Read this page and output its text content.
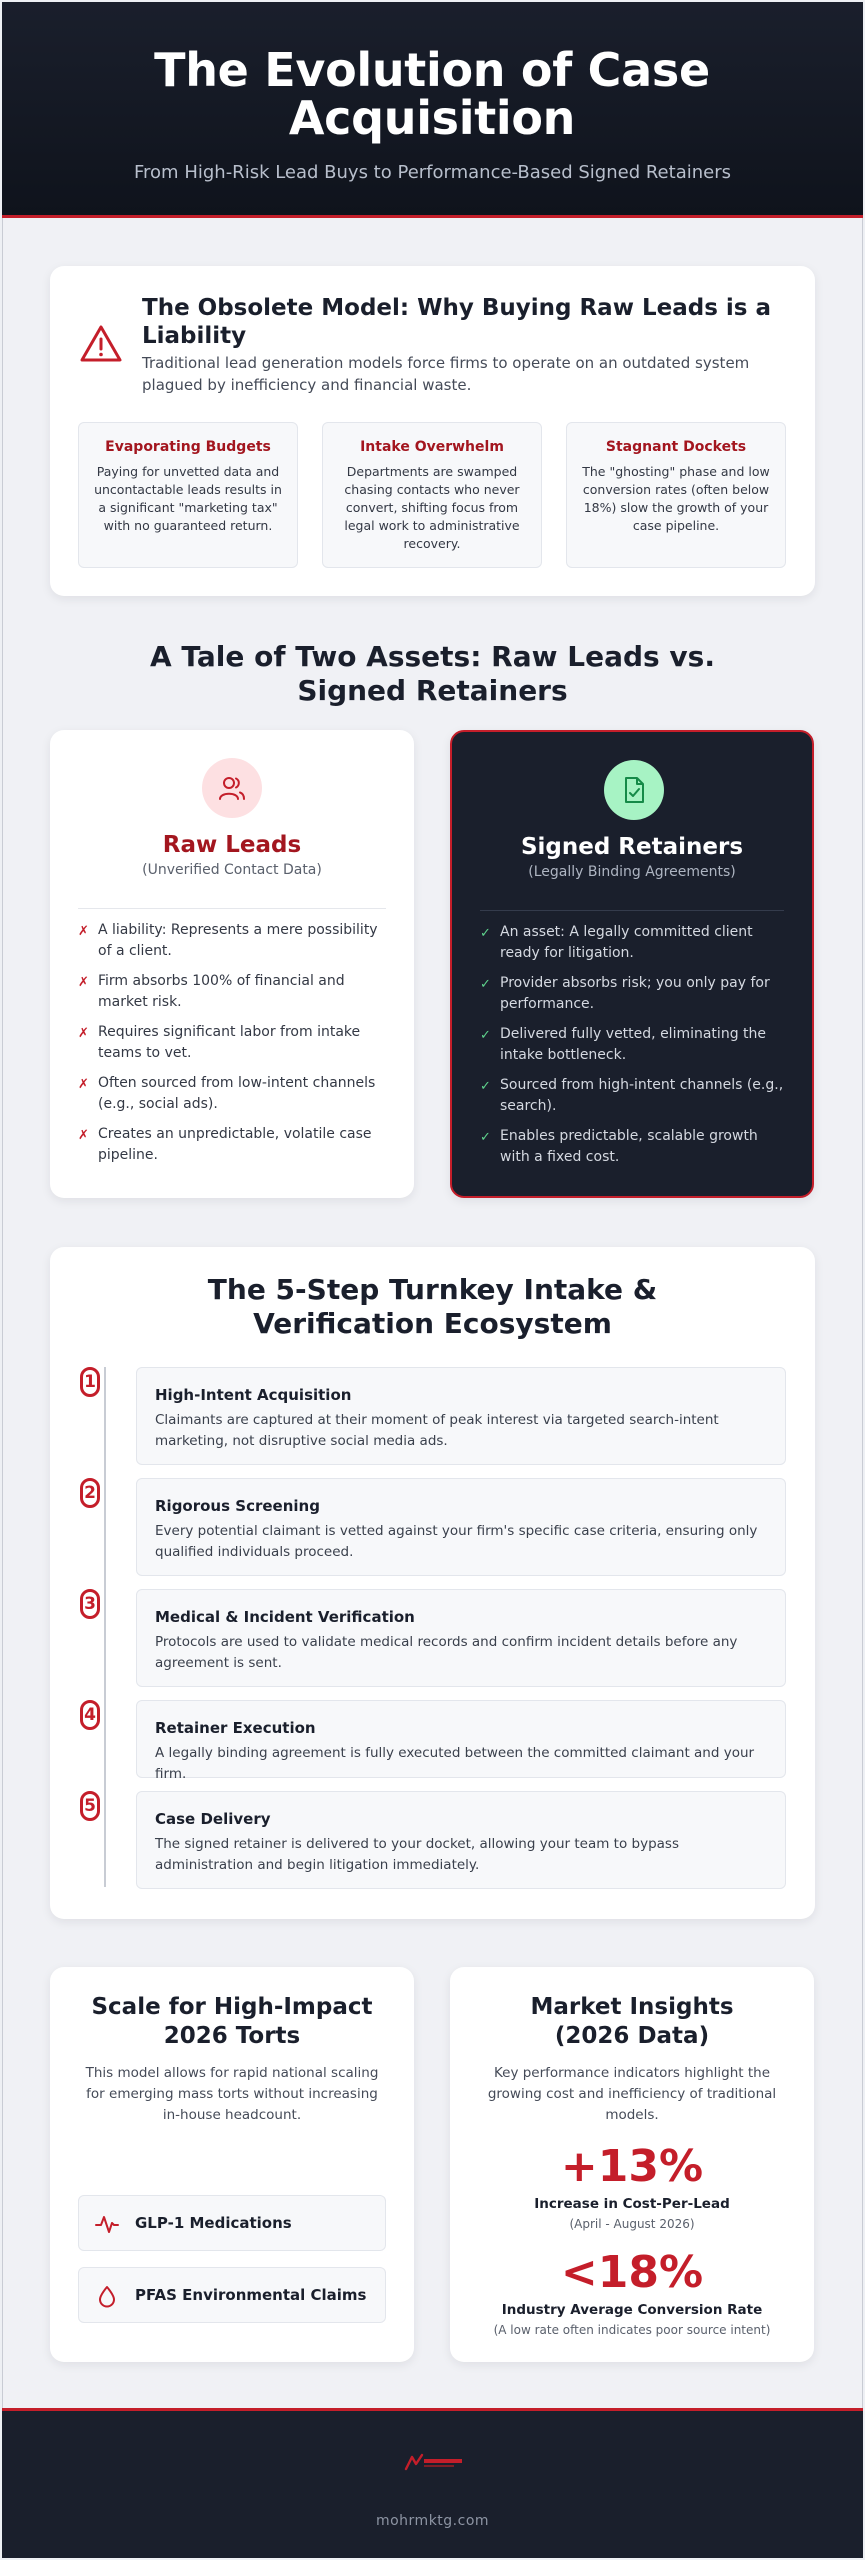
The Evolution of Case Acquisition

From High-Risk Lead Buys to Performance-Based Signed Retainers

The Obsolete Model: Why Buying Raw Leads is a Liability

Traditional lead generation models force firms to operate on an outdated system plagued by inefficiency and financial waste.

Evaporating Budgets

Paying for unvetted data and uncontactable leads results in a significant "marketing tax" with no guaranteed return.

Intake Overwhelm

Departments are swamped chasing contacts who never convert, shifting focus from legal work to administrative recovery.

Stagnant Dockets

The "ghosting" phase and low conversion rates (often below 18%) slow the growth of your case pipeline.

A Tale of Two Assets: Raw Leads vs. Signed Retainers
Raw Leads
(Unverified Contact Data)
✗ A liability: Represents a mere possibility of a client.
✗ Firm absorbs 100% of financial and market risk.
✗ Requires significant labor from intake teams to vet.
✗ Often sourced from low-intent channels (e.g., social ads).
✗ Creates an unpredictable, volatile case pipeline.
Signed Retainers
(Legally Binding Agreements)
✓ An asset: A legally committed client ready for litigation.
✓ Provider absorbs risk; you only pay for performance.
✓ Delivered fully vetted, eliminating the intake bottleneck.
✓ Sourced from high-intent channels (e.g., search).
✓ Enables predictable, scalable growth with a fixed cost.
The 5-Step Turnkey Intake & Verification Ecosystem
1
High-Intent Acquisition

Claimants are captured at their moment of peak interest via targeted search-intent marketing, not disruptive social media ads.

2
Rigorous Screening

Every potential claimant is vetted against your firm's specific case criteria, ensuring only qualified individuals proceed.

3
Medical & Incident Verification

Protocols are used to validate medical records and confirm incident details before any agreement is sent.

4
Retainer Execution

A legally binding agreement is fully executed between the committed claimant and your firm.

5
Case Delivery

The signed retainer is delivered to your docket, allowing your team to bypass administration and begin litigation immediately.

Scale for High-Impact 2026 Torts

This model allows for rapid national scaling for emerging mass torts without increasing in-house headcount.

GLP-1 Medications
PFAS Environmental Claims
Market Insights (2026 Data)

Key performance indicators highlight the growing cost and inefficiency of traditional models.

+13%
Increase in Cost-Per-Lead
(April - August 2026)
<18%
Industry Average Conversion Rate
(A low rate often indicates poor source intent)
mohrmktg.com
